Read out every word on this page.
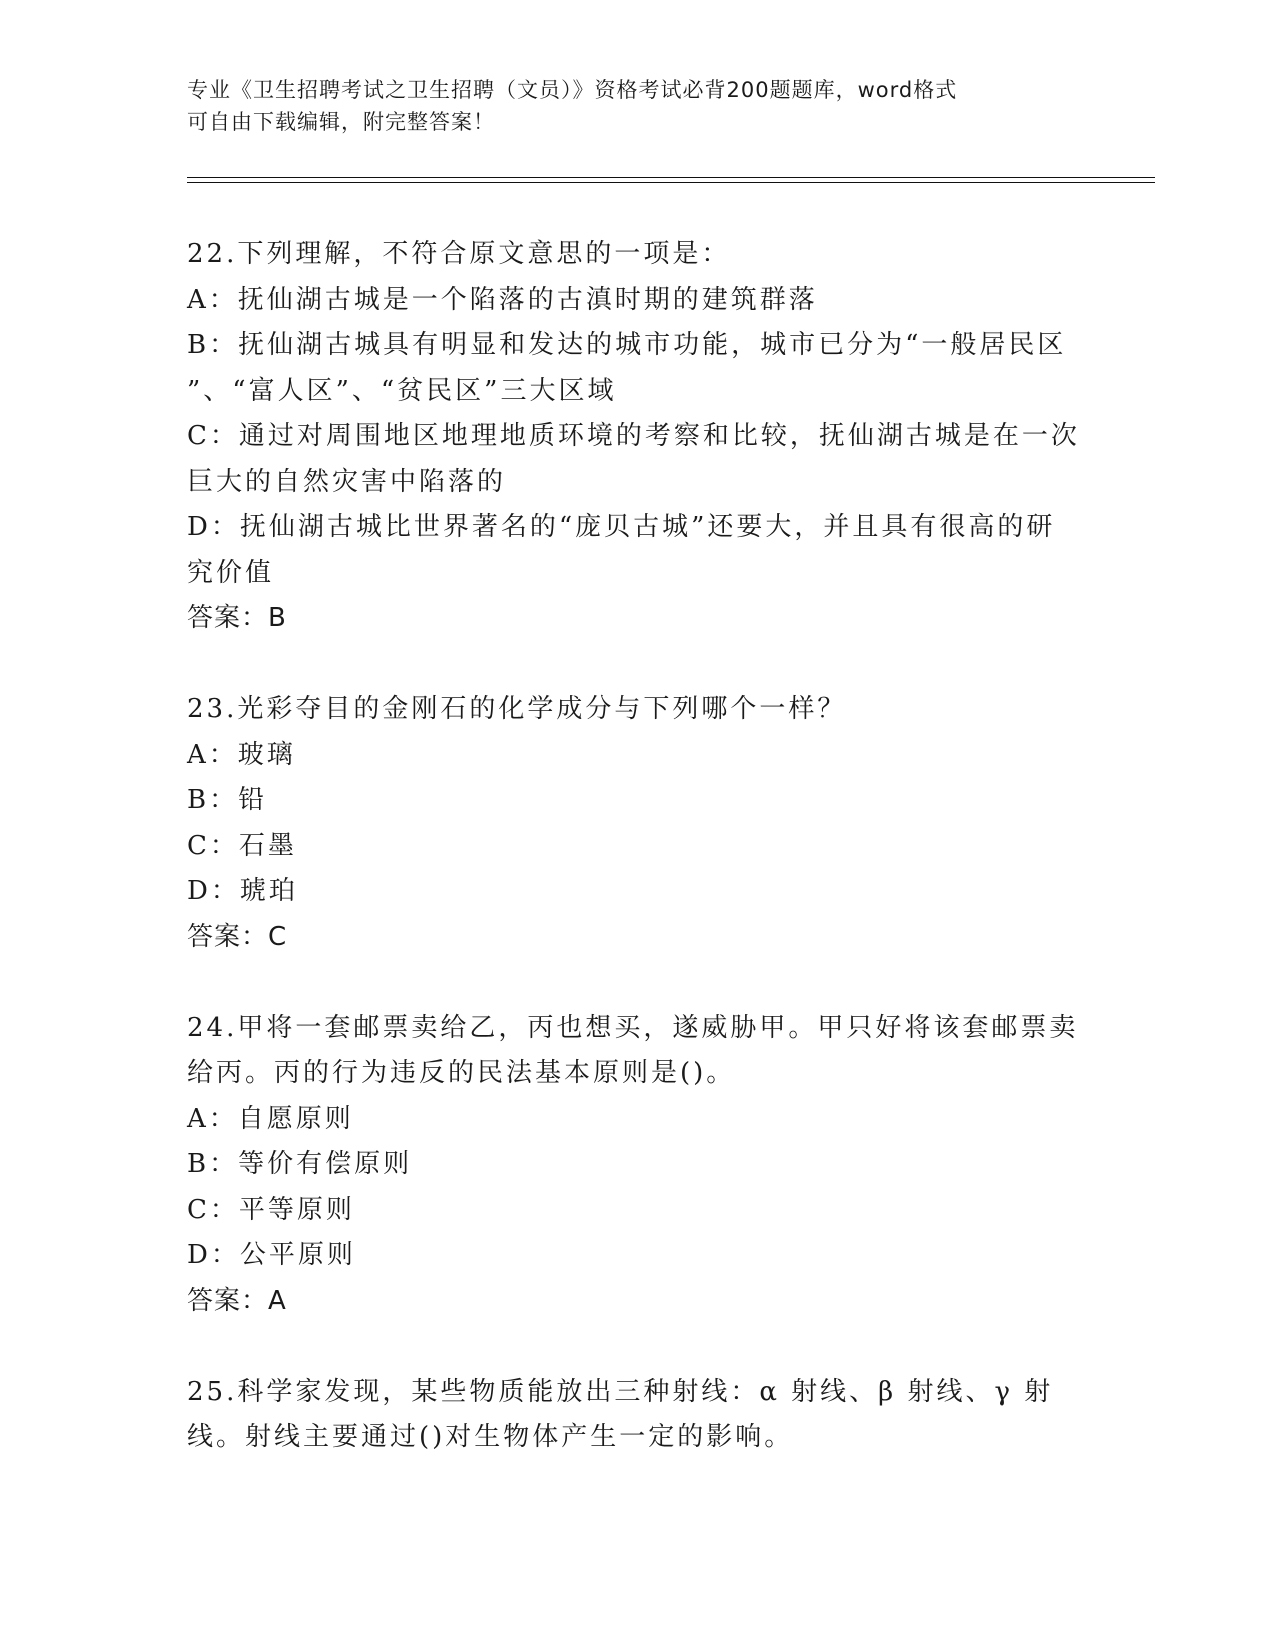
专业《卫生招聘考试之卫生招聘（文员）》资格考试必背200题题库，word格式
可自由下载编辑，附完整答案！
22.下列理解，不符合原文意思的一项是：
A：抚仙湖古城是一个陷落的古滇时期的建筑群落
B：抚仙湖古城具有明显和发达的城市功能，城市已分为“一般居民区
”、“富人区”、“贫民区”三大区域
C：通过对周围地区地理地质环境的考察和比较，抚仙湖古城是在一次
巨大的自然灾害中陷落的
D：抚仙湖古城比世界著名的“庞贝古城”还要大，并且具有很高的研
究价值
答案：B
23.光彩夺目的金刚石的化学成分与下列哪个一样？
A：玻璃
B：铅
C：石墨
D：琥珀
答案：C
24.甲将一套邮票卖给乙，丙也想买，遂威胁甲。甲只好将该套邮票卖
给丙。丙的行为违反的民法基本原则是()。
A：自愿原则
B：等价有偿原则
C：平等原则
D：公平原则
答案：A
25.科学家发现，某些物质能放出三种射线：α 射线、β 射线、γ 射
线。射线主要通过()对生物体产生一定的影响。
